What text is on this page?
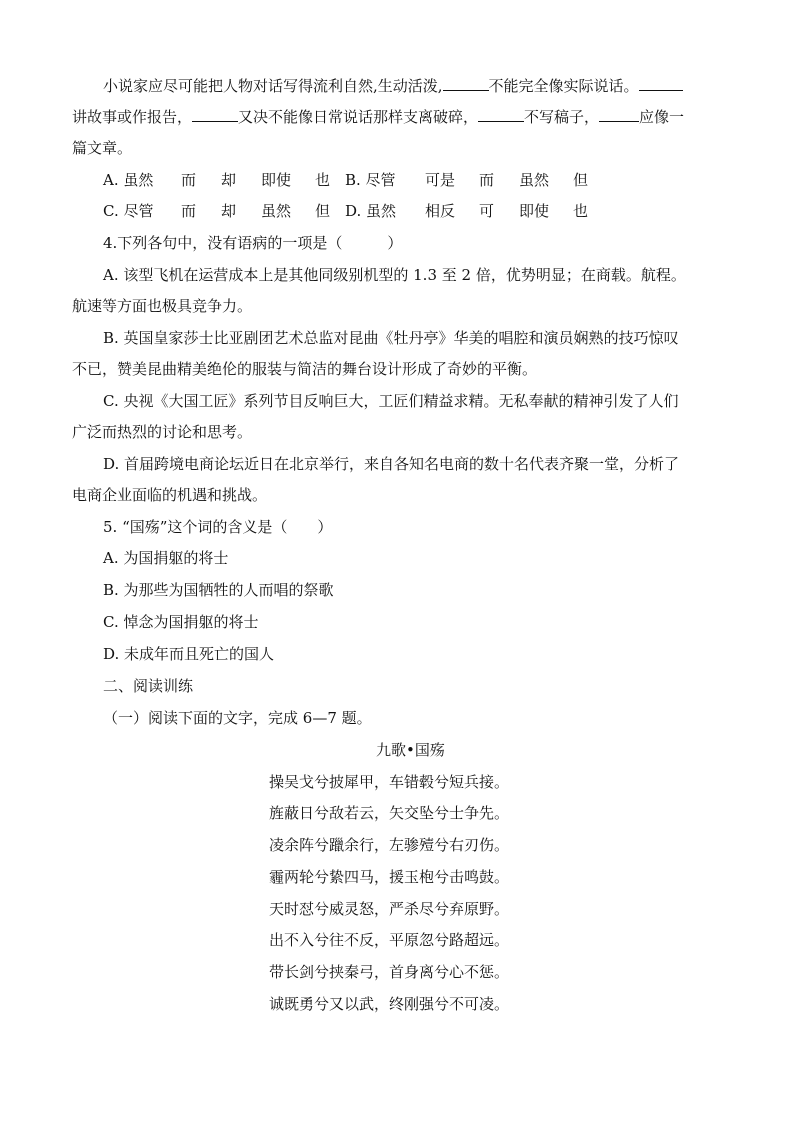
小说家应尽可能把人物对话写得流利自然,生动活泼,	不能完全像实际说话。
讲故事或作报告，	又决不能像日常说话那样支离破碎，	不写稿子，	应像一
篇文章。
A. 虽然 而 却 即使 也 B. 尽管 可是 而 虽然 但
C. 尽管 而 却 虽然 但 D. 虽然 相反 可 即使 也
4.下列各句中，没有语病的一项是（　　　）
A. 该型飞机在运营成本上是其他同级别机型的 1.3 至 2 倍，优势明显；在商载。航程。
航速等方面也极具竞争力。
B. 英国皇家莎士比亚剧团艺术总监对昆曲《牡丹亭》华美的唱腔和演员娴熟的技巧惊叹
不已，赞美昆曲精美绝伦的服装与简洁的舞台设计形成了奇妙的平衡。
C. 央视《大国工匠》系列节目反响巨大，工匠们精益求精。无私奉献的精神引发了人们
广泛而热烈的讨论和思考。
D. 首届跨境电商论坛近日在北京举行，来自各知名电商的数十名代表齐聚一堂，分析了
电商企业面临的机遇和挑战。
5. “国殇”这个词的含义是（　　）
A. 为国捐躯的将士
B. 为那些为国牺牲的人而唱的祭歌
C. 悼念为国捐躯的将士
D. 未成年而且死亡的国人
二、阅读训练
（一）阅读下面的文字，完成 6—7 题。
九歌•国殇
操吴戈兮披犀甲，车错毂兮短兵接。
旌蔽日兮敌若云，矢交坠兮士争先。
凌余阵兮躐余行，左骖殪兮右刃伤。
霾两轮兮絷四马，援玉枹兮击鸣鼓。
天时怼兮威灵怒，严杀尽兮弃原野。
出不入兮往不反，平原忽兮路超远。
带长剑兮挟秦弓，首身离兮心不惩。
诚既勇兮又以武，终刚强兮不可凌。
